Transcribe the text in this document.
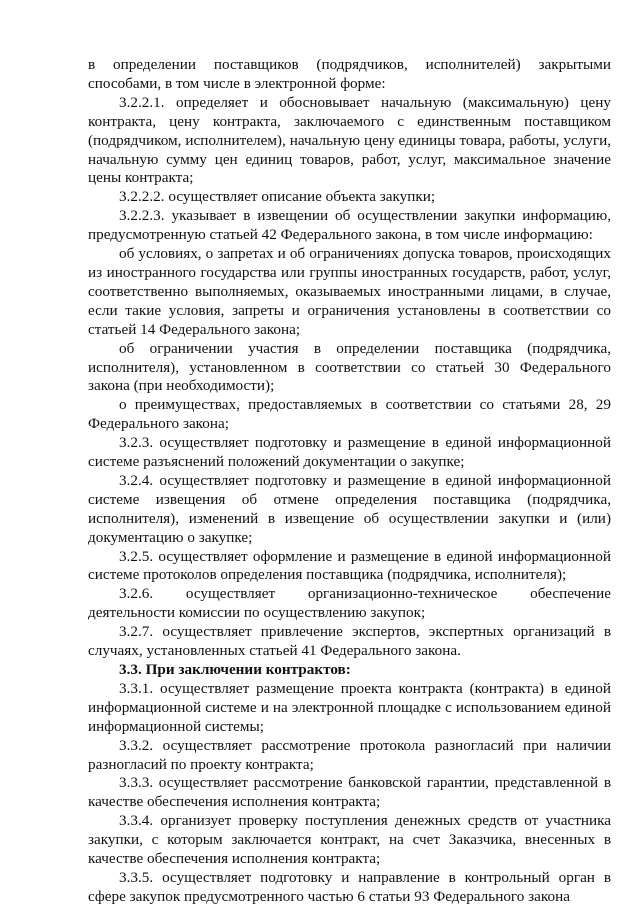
в определении поставщиков (подрядчиков, исполнителей) закрытыми способами, в том числе в электронной форме:

3.2.2.1. определяет и обосновывает начальную (максимальную) цену контракта, цену контракта, заключаемого с единственным поставщиком (подрядчиком, исполнителем), начальную цену единицы товара, работы, услуги, начальную сумму цен единиц товаров, работ, услуг, максимальное значение цены контракта;

3.2.2.2. осуществляет описание объекта закупки;

3.2.2.3. указывает в извещении об осуществлении закупки информацию, предусмотренную статьей 42 Федерального закона, в том числе информацию:

об условиях, о запретах и об ограничениях допуска товаров, происходящих из иностранного государства или группы иностранных государств, работ, услуг, соответственно выполняемых, оказываемых иностранными лицами, в случае, если такие условия, запреты и ограничения установлены в соответствии со статьей 14 Федерального закона;

об ограничении участия в определении поставщика (подрядчика, исполнителя), установленном в соответствии со статьей 30 Федерального закона (при необходимости);

о преимуществах, предоставляемых в соответствии со статьями 28, 29 Федерального закона;

3.2.3. осуществляет подготовку и размещение в единой информационной системе разъяснений положений документации о закупке;

3.2.4. осуществляет подготовку и размещение в единой информационной системе извещения об отмене определения поставщика (подрядчика, исполнителя), изменений в извещение об осуществлении закупки и (или) документацию о закупке;

3.2.5. осуществляет оформление и размещение в единой информационной системе протоколов определения поставщика (подрядчика, исполнителя);

3.2.6. осуществляет организационно-техническое обеспечение деятельности комиссии по осуществлению закупок;

3.2.7. осуществляет привлечение экспертов, экспертных организаций в случаях, установленных статьей 41 Федерального закона.

3.3. При заключении контрактов:

3.3.1. осуществляет размещение проекта контракта (контракта) в единой информационной системе и на электронной площадке с использованием единой информационной системы;

3.3.2. осуществляет рассмотрение протокола разногласий при наличии разногласий по проекту контракта;

3.3.3. осуществляет рассмотрение банковской гарантии, представленной в качестве обеспечения исполнения контракта;

3.3.4. организует проверку поступления денежных средств от участника закупки, с которым заключается контракт, на счет Заказчика, внесенных в качестве обеспечения исполнения контракта;

3.3.5. осуществляет подготовку и направление в контрольный орган в сфере закупок предусмотренного частью 6 статьи 93 Федерального закона
